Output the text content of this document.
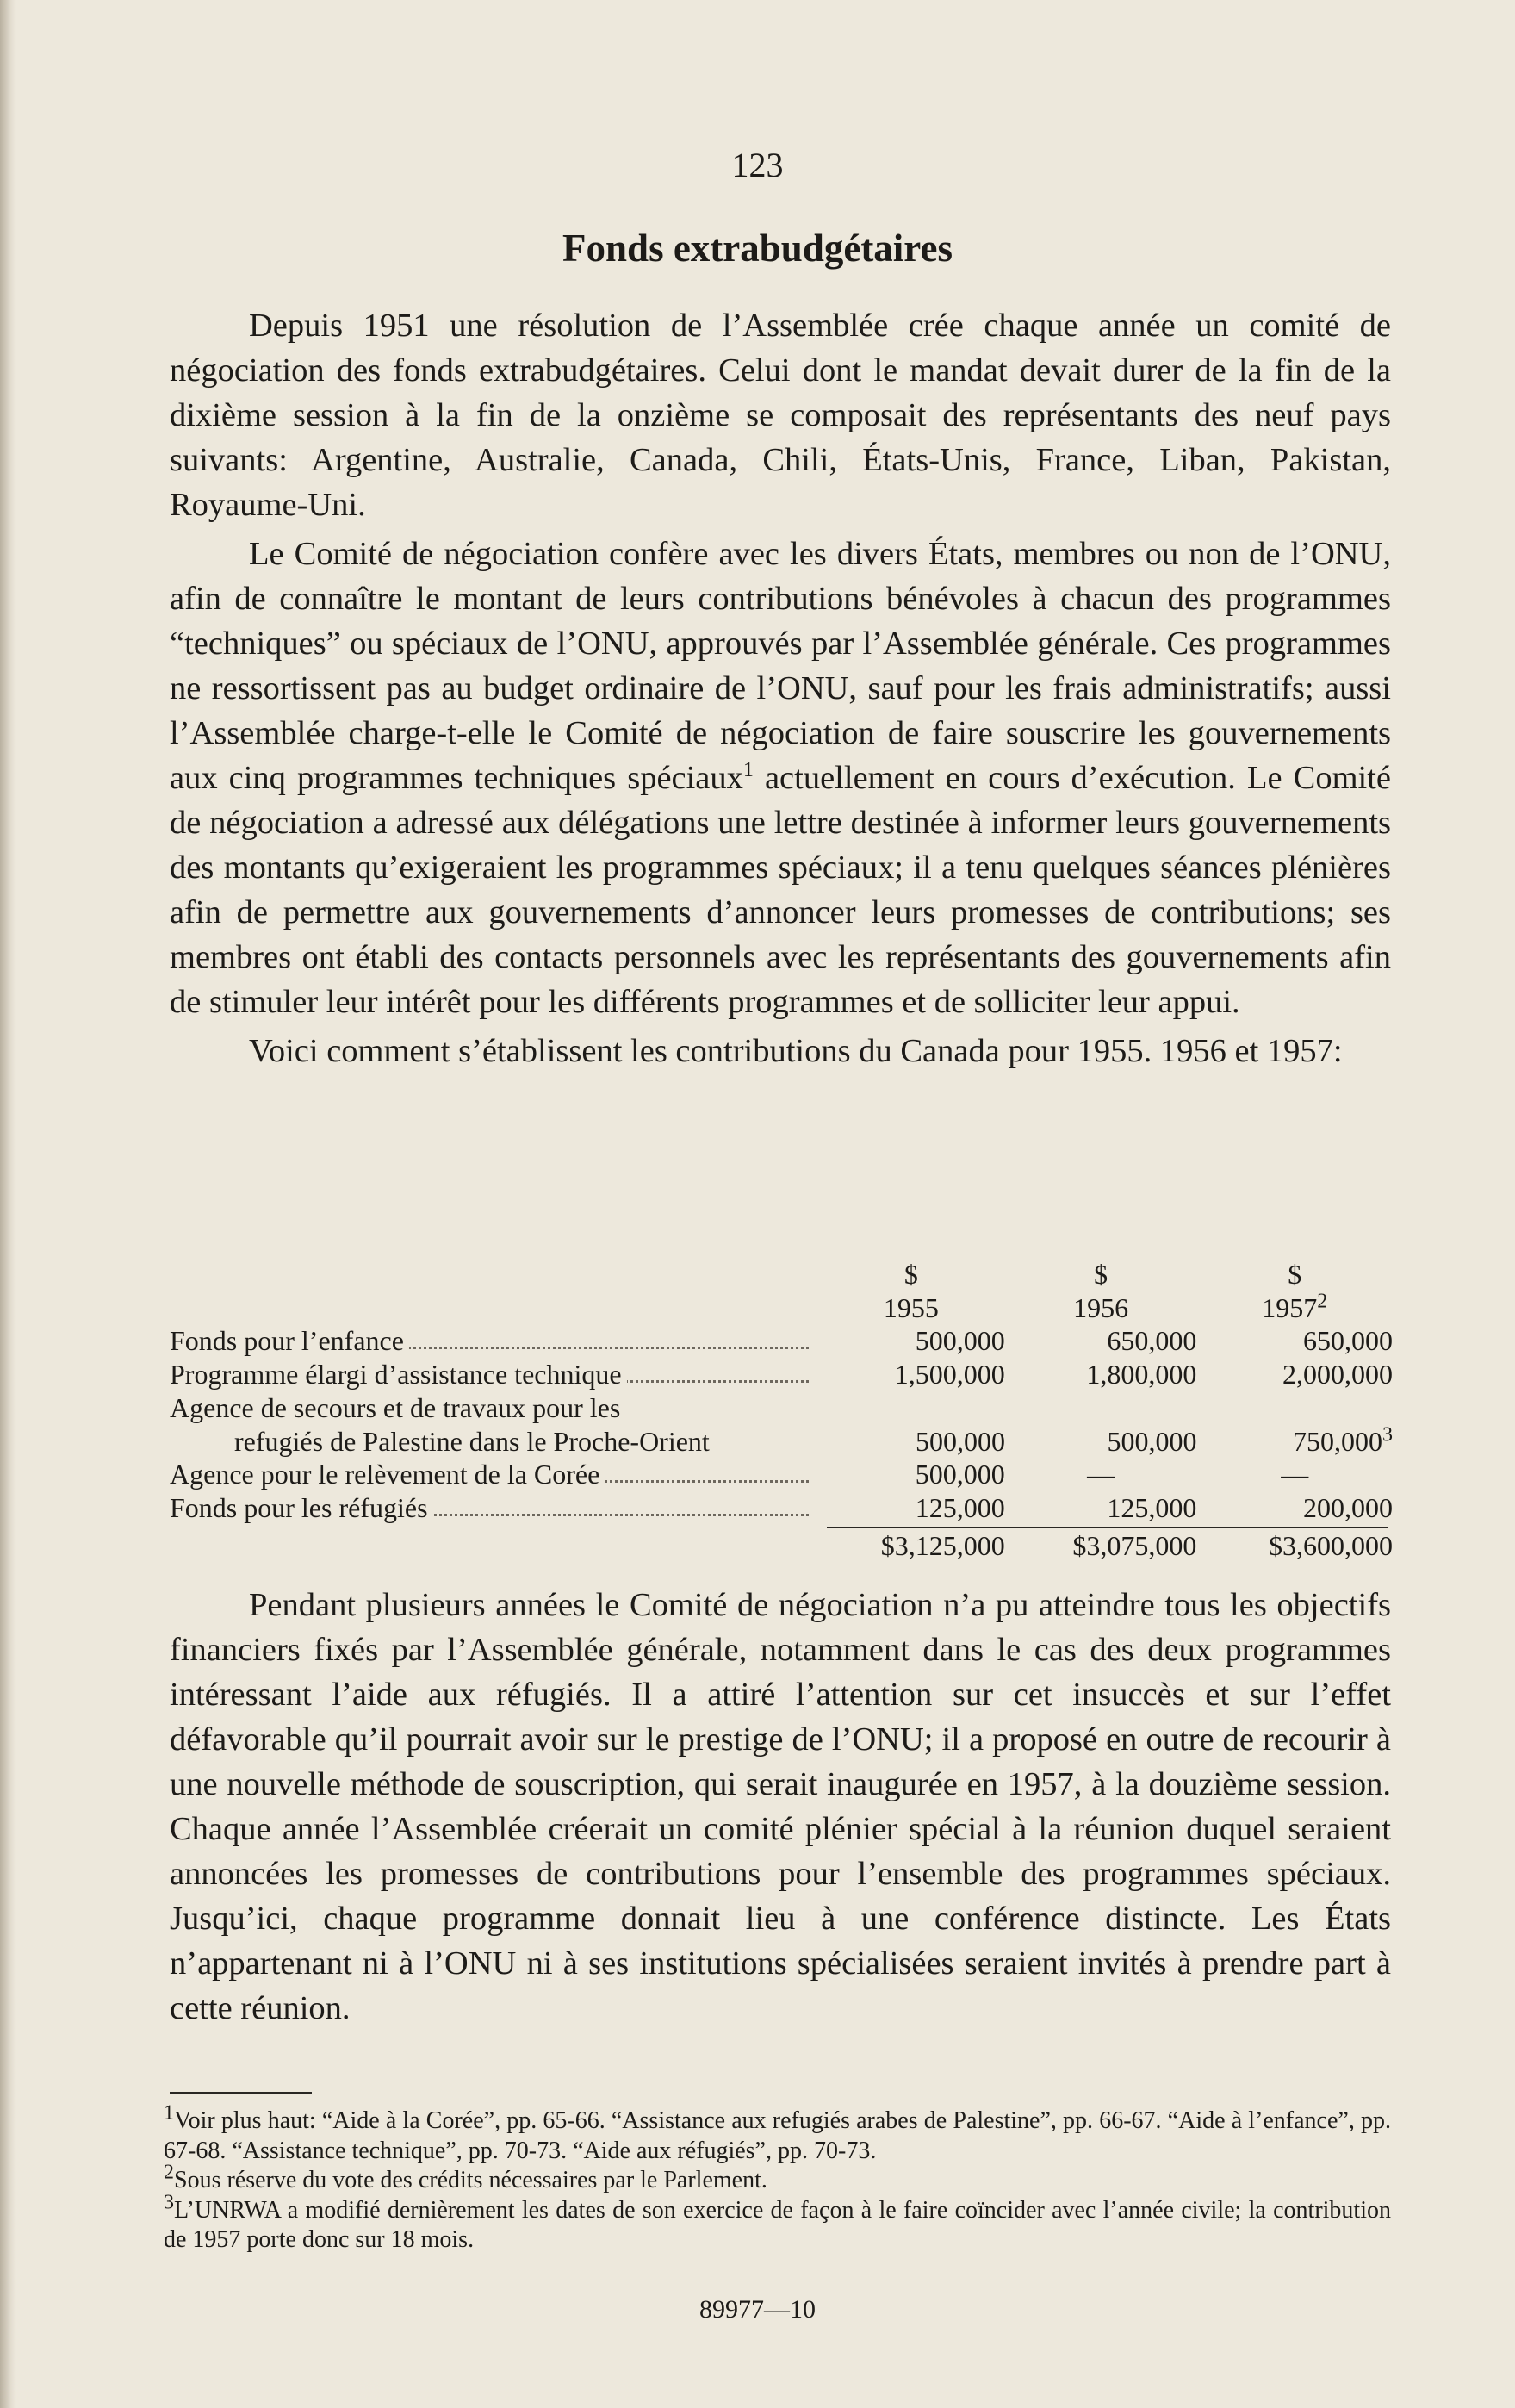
123
Fonds extrabudgétaires

Depuis 1951 une résolution de l’Assemblée crée chaque année un comité de négociation des fonds extrabudgétaires. Celui dont le mandat devait durer de la fin de la dixième session à la fin de la onzième se composait des représentants des neuf pays suivants: Argentine, Australie, Canada, Chili, États-Unis, France, Liban, Pakistan, Royaume-Uni.

Le Comité de négociation confère avec les divers États, membres ou non de l’ONU, afin de connaître le montant de leurs contributions bénévoles à chacun des programmes “techniques” ou spéciaux de l’ONU, approuvés par l’Assemblée générale. Ces programmes ne ressortissent pas au budget ordinaire de l’ONU, sauf pour les frais administratifs; aussi l’Assemblée charge-t-elle le Comité de négociation de faire souscrire les gouvernements aux cinq programmes techniques spéciaux$^1$ actuellement en cours d’exécution. Le Comité de négociation a adressé aux délégations une lettre destinée à informer leurs gouvernements des montants qu’exigeraient les programmes spéciaux; il a tenu quelques séances plénières afin de permettre aux gouvernements d’annoncer leurs promesses de contributions; ses membres ont établi des contacts personnels avec les représentants des gouvernements afin de stimuler leur intérêt pour les différents programmes et de solliciter leur appui.

Voici comment s’établissent les contributions du Canada pour 1955. 1956 et 1957:

$	$	$
1955	1956	1957$^2$
Fonds pour l’enfance	500,000	650,000	650,000
Programme élargi d’assistance technique	1,500,000	1,800,000	2,000,000
Agence de secours et de travaux pour les
refugiés de Palestine dans le Proche-Orient	500,000	500,000	750,000$^3$
Agence pour le relèvement de la Corée	500,000	—	—
Fonds pour les réfugiés	125,000	125,000	200,000
$3,125,000	$3,075,000	$3,600,000

Pendant plusieurs années le Comité de négociation n’a pu atteindre tous les objectifs financiers fixés par l’Assemblée générale, notamment dans le cas des deux programmes intéressant l’aide aux réfugiés. Il a attiré l’attention sur cet insuccès et sur l’effet défavorable qu’il pourrait avoir sur le prestige de l’ONU; il a proposé en outre de recourir à une nouvelle méthode de souscription, qui serait inaugurée en 1957, à la douzième session. Chaque année l’Assemblée créerait un comité plénier spécial à la réunion duquel seraient annoncées les promesses de contributions pour l’ensemble des programmes spéciaux. Jusqu’ici, chaque programme donnait lieu à une conférence distincte. Les États n’appartenant ni à l’ONU ni à ses institutions spécialisées seraient invités à prendre part à cette réunion.

$^1$Voir plus haut: “Aide à la Corée”, pp. 65-66. “Assistance aux refugiés arabes de Palestine”, pp. 66-67. “Aide à l’enfance”, pp. 67-68. “Assistance technique”, pp. 70-73. “Aide aux réfugiés”, pp. 70-73.

$^2$Sous réserve du vote des crédits nécessaires par le Parlement.

$^3$L’UNRWA a modifié dernièrement les dates de son exercice de façon à le faire coïncider avec l’année civile; la contribution de 1957 porte donc sur 18 mois.

89977—10
